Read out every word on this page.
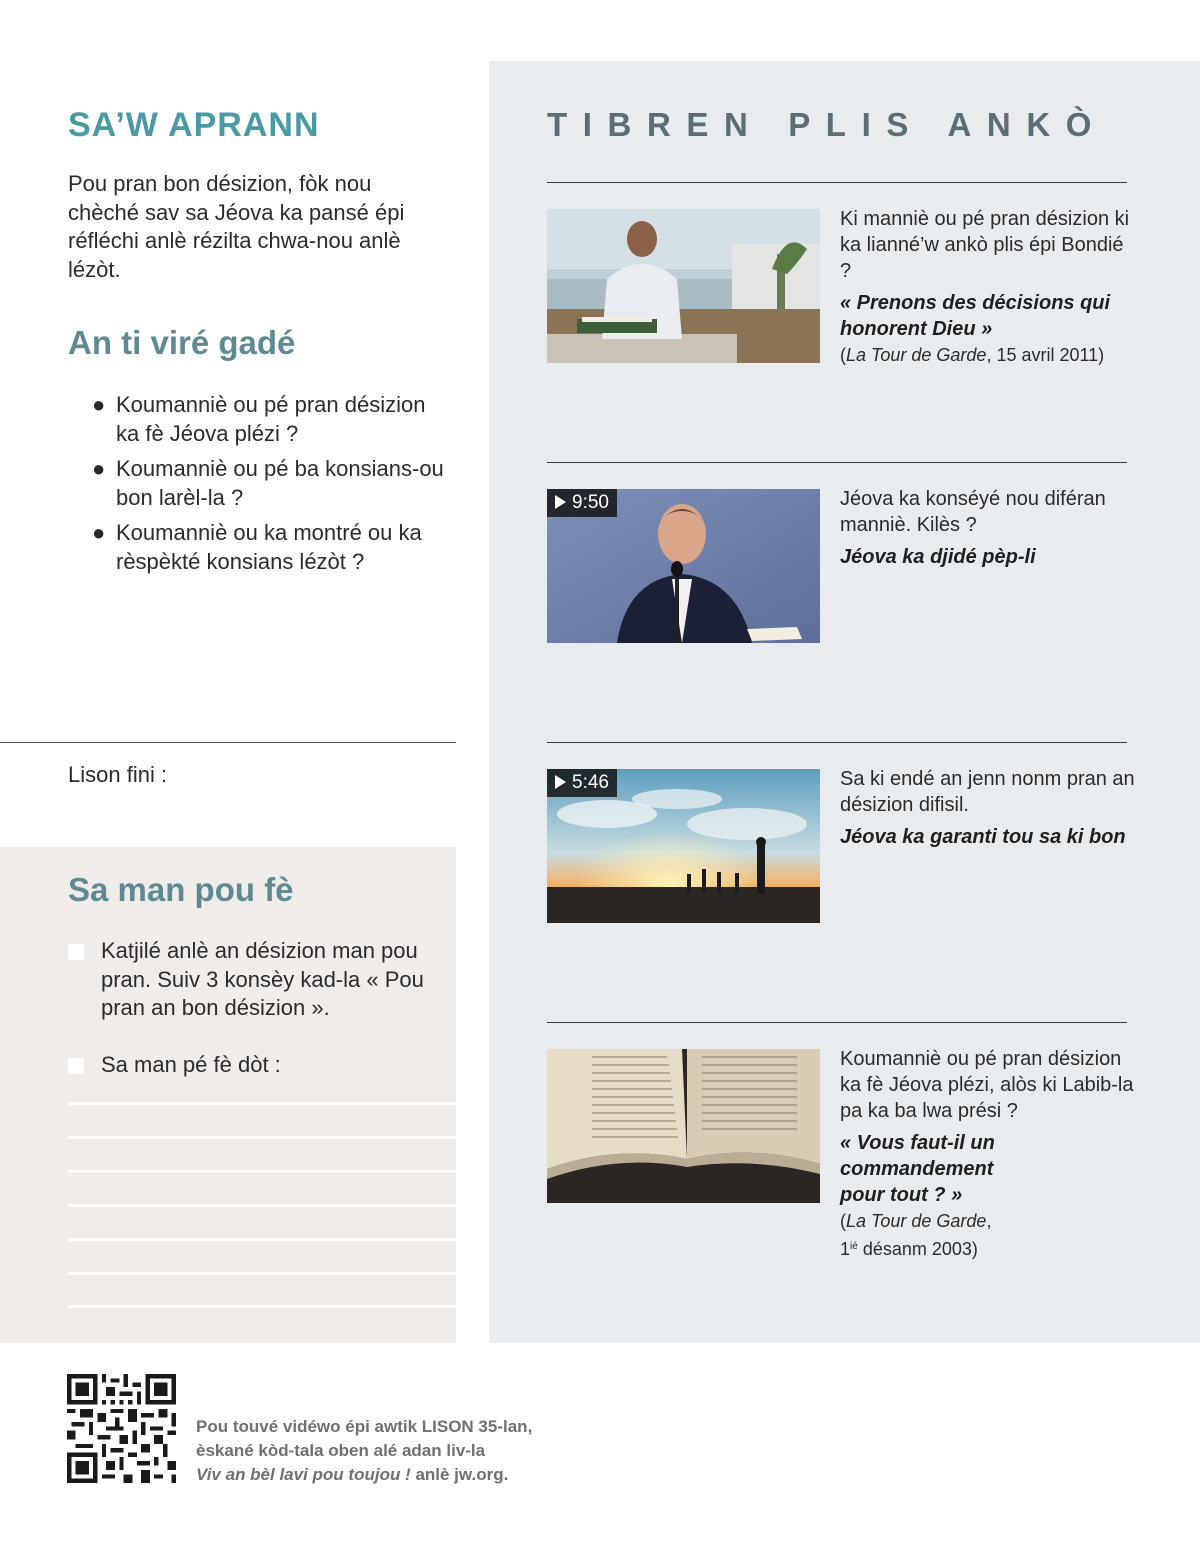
SA’W APRANN

Pou pran bon désizion, fòk nou chèché sav sa Jéova ka pansé épi réfléchi anlè rézilta chwa-nou anlè lézòt.

An ti viré gadé
● Koumanniè ou pé pran désizion ka fè Jéova plézi ?
● Koumanniè ou pé ba konsians-ou bon larèl-la ?
● Koumanniè ou ka montré ou ka rèspèkté konsians lézòt ?
Lison fini :
Sa man pou fè
Katjilé anlè an désizion man pou pran. Suiv 3 konsèy kad-la « Pou pran an bon désizion ».
Sa man pé fè dòt :
TIBREN PLIS ANKÒ
Ki manniè ou pé pran désizion ki ka lianné’w ankò plis épi Bondié ?
« Prenons des décisions qui honorent Dieu »
(La Tour de Garde, 15 avril 2011)
9:50	Jéova ka konséyé nou diféran manniè. Kilès ?
Jéova ka djidé pèp-li
5:46	Sa ki endé an jenn nonm pran an désizion difisil.
Jéova ka garanti tou sa ki bon
Koumanniè ou pé pran désizion ka fè Jéova plézi, alòs ki Labib-la pa ka ba lwa prési ?
« Vous faut-il un commandement pour tout ? »
(La Tour de Garde,
$1^{ié}$ désanm 2003)
Pou touvé vidéwo épi awtik LISON 35-lan,
èskané kòd-tala oben alé adan liv-la
Viv an bèl lavi pou toujou ! anlè jw.org.
